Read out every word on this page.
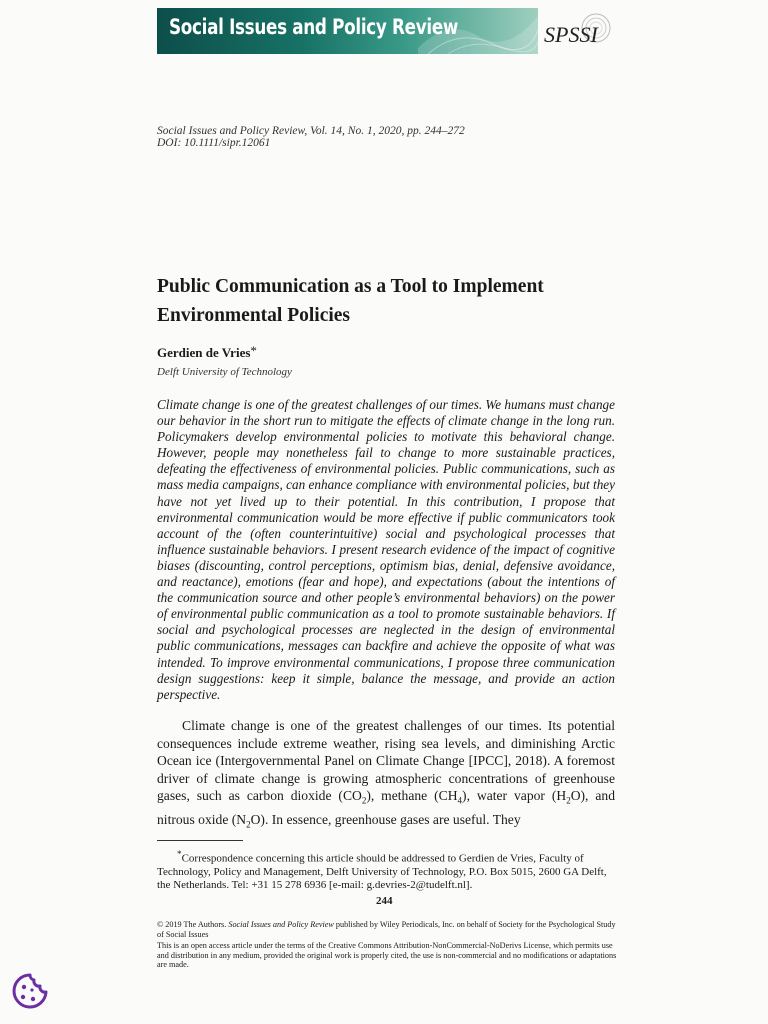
Social Issues and Policy Review	SPSSI
Social Issues and Policy Review, Vol. 14, No. 1, 2020, pp. 244–272
DOI: 10.1111/sipr.12061
Public Communication as a Tool to Implement Environmental Policies
Gerdien de Vries*
Delft University of Technology

Climate change is one of the greatest challenges of our times. We humans must change our behavior in the short run to mitigate the effects of climate change in the long run. Policymakers develop environmental policies to motivate this behavioral change. However, people may nonetheless fail to change to more sustainable practices, defeating the effectiveness of environmental policies. Public communications, such as mass media campaigns, can enhance compliance with environmental policies, but they have not yet lived up to their potential. In this contribution, I propose that environmental communication would be more effective if public communicators took account of the (often counterintuitive) social and psychological processes that influence sustainable behaviors. I present research evidence of the impact of cognitive biases (discounting, control perceptions, optimism bias, denial, defensive avoidance, and reactance), emotions (fear and hope), and expectations (about the intentions of the communication source and other people’s environmental behaviors) on the power of environmental public communication as a tool to promote sustainable behaviors. If social and psychological processes are neglected in the design of environmental public communications, messages can backfire and achieve the opposite of what was intended. To improve environmental communications, I propose three communication design suggestions: keep it simple, balance the message, and provide an action perspective.

Climate change is one of the greatest challenges of our times. Its potential consequences include extreme weather, rising sea levels, and diminishing Arctic Ocean ice (Intergovernmental Panel on Climate Change [IPCC], 2018). A foremost driver of climate change is growing atmospheric concentrations of greenhouse gases, such as carbon dioxide $(CO_2)$, methane $(CH_4)$, water vapor $(H_2O)$, and nitrous oxide $(N_2O)$. In essence, greenhouse gases are useful. They

*Correspondence concerning this article should be addressed to Gerdien de Vries, Faculty of Technology, Policy and Management, Delft University of Technology, P.O. Box 5015, 2600 GA Delft, the Netherlands. Tel: +31 15 278 6936 [e-mail: g.devries-2@tudelft.nl].

244

© 2019 The Authors. Social Issues and Policy Review published by Wiley Periodicals, Inc. on behalf of Society for the Psychological Study of Social Issues

This is an open access article under the terms of the Creative Commons Attribution-NonCommercial-NoDerivs License, which permits use and distribution in any medium, provided the original work is properly cited, the use is non-commercial and no modifications or adaptations are made.
